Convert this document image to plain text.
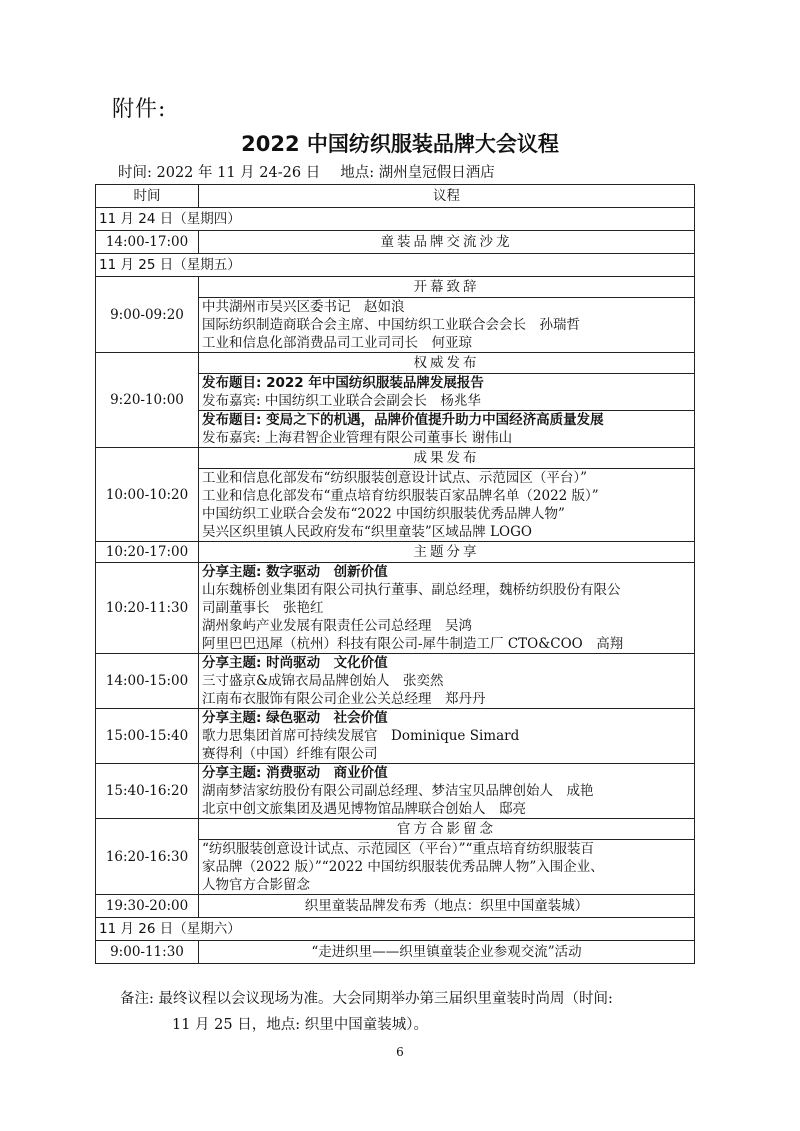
附件:
2022 中国纺织服装品牌大会议程
时间: 2022 年 11 月 24-26 日 地点: 湖州皇冠假日酒店
时间	议程
11 月 24 日（星期四）	
14:00-17:00	童装品牌交流沙龙
11 月 25 日（星期五）	
9:00-09:20	开幕致辞

	中共湖州市吴兴区委书记　赵如浪
国际纺织制造商联合会主席、中国纺织工业联合会会长　孙瑞哲
工业和信息化部消费品司工业司司长　何亚琼

9:20-10:00	权威发布

	发布题目: 2022 年中国纺织服装品牌发展报告
发布嘉宾: 中国纺织工业联合会副会长　杨兆华

	发布题目: 变局之下的机遇，品牌价值提升助力中国经济高质量发展
发布嘉宾: 上海君智企业管理有限公司董事长 谢伟山

10:00-10:20	成果发布

	工业和信息化部发布“纺织服装创意设计试点、示范园区（平台）”
工业和信息化部发布“重点培育纺织服装百家品牌名单（2022 版）”
中国纺织工业联合会发布“2022 中国纺织服装优秀品牌人物”
吴兴区织里镇人民政府发布“织里童装”区域品牌 LOGO

10:20-17:00	主题分享
10:20-11:30	分享主题: 数字驱动　创新价值
山东魏桥创业集团有限公司执行董事、副总经理，魏桥纺织股份有限公
司副董事长　张艳红
湖州象屿产业发展有限责任公司总经理　吴鸿
阿里巴巴迅犀（杭州）科技有限公司-犀牛制造工厂 CTO&COO　高翔

14:00-15:00	分享主题: 时尚驱动　文化价值
三寸盛京&成锦衣局品牌创始人　张奕然
江南布衣服饰有限公司企业公关总经理　郑丹丹

15:00-15:40	分享主题: 绿色驱动　社会价值
歌力思集团首席可持续发展官　Dominique Simard
赛得利（中国）纤维有限公司

15:40-16:20	分享主题: 消费驱动　商业价值
湖南梦洁家纺股份有限公司副总经理、梦洁宝贝品牌创始人　成艳
北京中创文旅集团及遇见博物馆品牌联合创始人　邸亮

16:20-16:30	官方合影留念

	“纺织服装创意设计试点、示范园区（平台）”“重点培育纺织服装百
家品牌（2022 版）”“2022 中国纺织服装优秀品牌人物”入围企业、
人物官方合影留念

19:30-20:00	织里童装品牌发布秀（地点：织里中国童装城）
11 月 26 日（星期六）	
9:00-11:30	“走进织里——织里镇童装企业参观交流”活动
备注: 最终议程以会议现场为准。大会同期举办第三届织里童装时尚周（时间:
11 月 25 日，地点: 织里中国童装城）。
6
